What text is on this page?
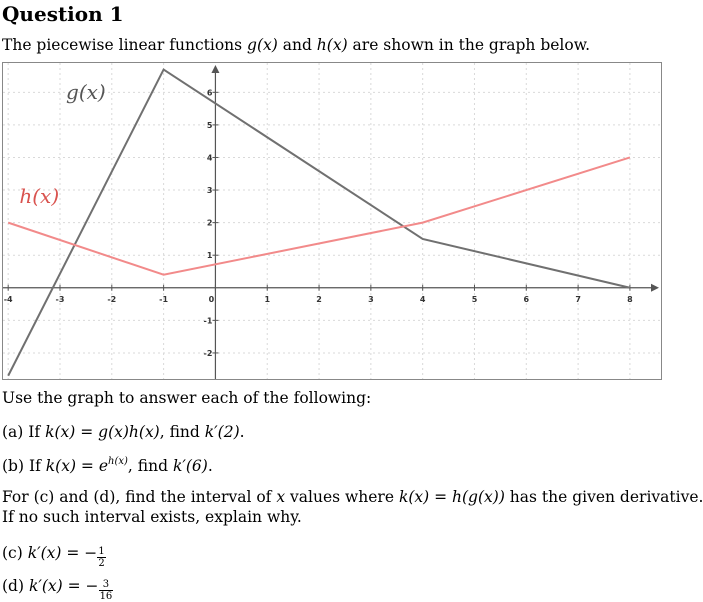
Question 1
The piecewise linear functions g(x) and h(x) are shown in the graph below.
-4	-3	-2	-1	0	1	2	3	4	5	6	7	8
-2
-1
1
2
3
4
5
6
g(x)
h(x)
Use the graph to answer each of the following:
(a) If k(x) = g(x)h(x), find k′(2).
(b) If $k(x) = e^{h(x)}$, find k′(6).
For (c) and (d), find the interval of x values where k(x) = h(g(x)) has the given derivative.
If no such interval exists, explain why.
(c) k′(x) = − $\frac{1}{2}$
(d) k′(x) = − $\frac{3}{16}$
